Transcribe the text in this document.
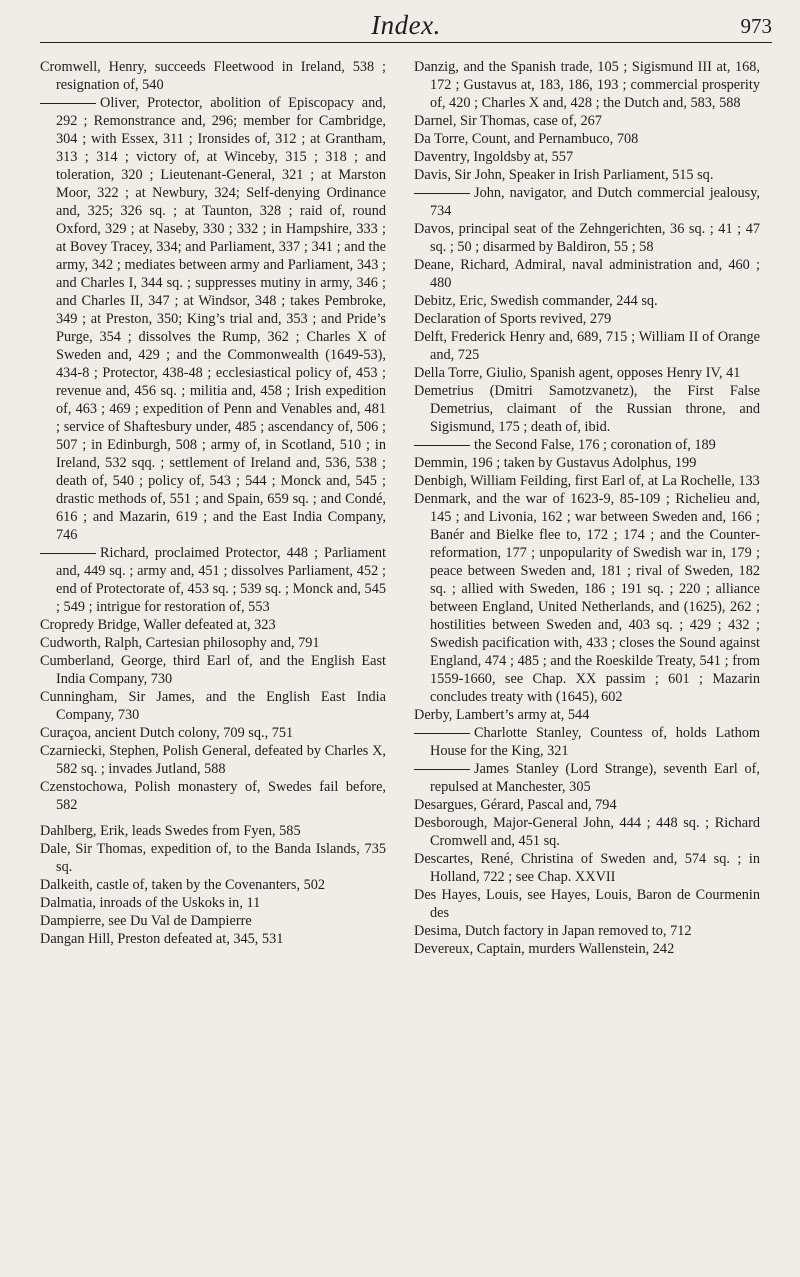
Index.	973

Cromwell, Henry, succeeds Fleetwood in Ireland, 538 ; resignation of, 540

Oliver, Protector, abolition of Episcopacy and, 292 ; Remonstrance and, 296; member for Cambridge, 304 ; with Essex, 311 ; Ironsides of, 312 ; at Grantham, 313 ; 314 ; victory of, at Winceby, 315 ; 318 ; and toleration, 320 ; Lieutenant-General, 321 ; at Marston Moor, 322 ; at Newbury, 324; Self-denying Ordinance and, 325; 326 sq. ; at Taunton, 328 ; raid of, round Oxford, 329 ; at Naseby, 330 ; 332 ; in Hampshire, 333 ; at Bovey Tracey, 334; and Parliament, 337 ; 341 ; and the army, 342 ; mediates between army and Parliament, 343 ; and Charles I, 344 sq. ; suppresses mutiny in army, 346 ; and Charles II, 347 ; at Windsor, 348 ; takes Pembroke, 349 ; at Preston, 350; King’s trial and, 353 ; and Pride’s Purge, 354 ; dissolves the Rump, 362 ; Charles X of Sweden and, 429 ; and the Commonwealth (1649-53), 434-8 ; Protector, 438-48 ; ecclesiastical policy of, 453 ; revenue and, 456 sq. ; militia and, 458 ; Irish expedition of, 463 ; 469 ; expedition of Penn and Venables and, 481 ; service of Shaftesbury under, 485 ; ascendancy of, 506 ; 507 ; in Edinburgh, 508 ; army of, in Scotland, 510 ; in Ireland, 532 sqq. ; settlement of Ireland and, 536, 538 ; death of, 540 ; policy of, 543 ; 544 ; Monck and, 545 ; drastic methods of, 551 ; and Spain, 659 sq. ; and Condé, 616 ; and Mazarin, 619 ; and the East India Company, 746

Richard, proclaimed Protector, 448 ; Parliament and, 449 sq. ; army and, 451 ; dissolves Parliament, 452 ; end of Protectorate of, 453 sq. ; 539 sq. ; Monck and, 545 ; 549 ; intrigue for restoration of, 553

Cropredy Bridge, Waller defeated at, 323

Cudworth, Ralph, Cartesian philosophy and, 791

Cumberland, George, third Earl of, and the English East India Company, 730

Cunningham, Sir James, and the English East India Company, 730

Curaçoa, ancient Dutch colony, 709 sq., 751

Czarniecki, Stephen, Polish General, defeated by Charles X, 582 sq. ; invades Jutland, 588

Czenstochowa, Polish monastery of, Swedes fail before, 582

Dahlberg, Erik, leads Swedes from Fyen, 585

Dale, Sir Thomas, expedition of, to the Banda Islands, 735 sq.

Dalkeith, castle of, taken by the Covenanters, 502

Dalmatia, inroads of the Uskoks in, 11

Dampierre, see Du Val de Dampierre

Dangan Hill, Preston defeated at, 345, 531

Danzig, and the Spanish trade, 105 ; Sigismund III at, 168, 172 ; Gustavus at, 183, 186, 193 ; commercial prosperity of, 420 ; Charles X and, 428 ; the Dutch and, 583, 588

Darnel, Sir Thomas, case of, 267

Da Torre, Count, and Pernambuco, 708

Daventry, Ingoldsby at, 557

Davis, Sir John, Speaker in Irish Parliament, 515 sq.

John, navigator, and Dutch commercial jealousy, 734

Davos, principal seat of the Zehngerichten, 36 sq. ; 41 ; 47 sq. ; 50 ; disarmed by Baldiron, 55 ; 58

Deane, Richard, Admiral, naval administration and, 460 ; 480

Debitz, Eric, Swedish commander, 244 sq.

Declaration of Sports revived, 279

Delft, Frederick Henry and, 689, 715 ; William II of Orange and, 725

Della Torre, Giulio, Spanish agent, opposes Henry IV, 41

Demetrius (Dmitri Samotzvanetz), the First False Demetrius, claimant of the Russian throne, and Sigismund, 175 ; death of, ibid.

the Second False, 176 ; coronation of, 189

Demmin, 196 ; taken by Gustavus Adolphus, 199

Denbigh, William Feilding, first Earl of, at La Rochelle, 133

Denmark, and the war of 1623-9, 85-109 ; Richelieu and, 145 ; and Livonia, 162 ; war between Sweden and, 166 ; Banér and Bielke flee to, 172 ; 174 ; and the Counter-reformation, 177 ; unpopularity of Swedish war in, 179 ; peace between Sweden and, 181 ; rival of Sweden, 182 sq. ; allied with Sweden, 186 ; 191 sq. ; 220 ; alliance between England, United Netherlands, and (1625), 262 ; hostilities between Sweden and, 403 sq. ; 429 ; 432 ; Swedish pacification with, 433 ; closes the Sound against England, 474 ; 485 ; and the Roeskilde Treaty, 541 ; from 1559-1660, see Chap. XX passim ; 601 ; Mazarin concludes treaty with (1645), 602

Derby, Lambert’s army at, 544

Charlotte Stanley, Countess of, holds Lathom House for the King, 321

James Stanley (Lord Strange), seventh Earl of, repulsed at Manchester, 305

Desargues, Gérard, Pascal and, 794

Desborough, Major-General John, 444 ; 448 sq. ; Richard Cromwell and, 451 sq.

Descartes, René, Christina of Sweden and, 574 sq. ; in Holland, 722 ; see Chap. XXVII

Des Hayes, Louis, see Hayes, Louis, Baron de Courmenin des

Desima, Dutch factory in Japan removed to, 712

Devereux, Captain, murders Wallenstein, 242
